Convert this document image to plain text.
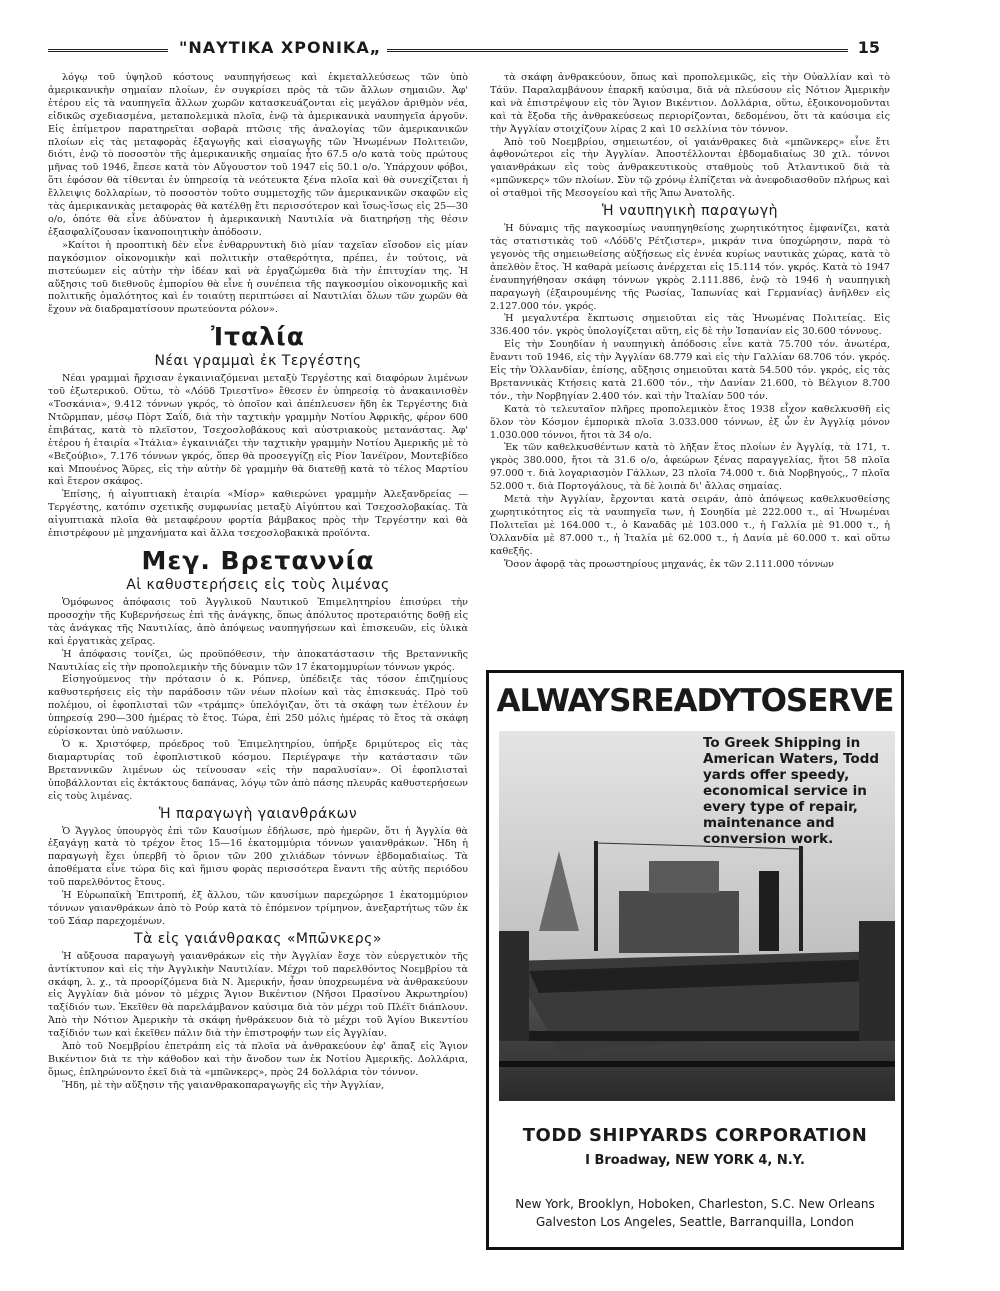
"ΝΑΥΤΙΚΑ ΧΡΟΝΙΚΑ„	15

λόγῳ τοῦ ὑψηλοῦ κόστους ναυπηγήσεως καὶ ἐκμεταλλεύσεως τῶν ὑπὸ ἀμερικανικὴν σημαίαν πλοίων, ἐν συγκρίσει πρὸς τὰ τῶν ἄλλων σημαιῶν. Ἀφ' ἑτέρου εἰς τὰ ναυπηγεῖα ἄλλων χωρῶν κατασκευάζονται εἰς μεγάλον ἀριθμὸν νέα, εἰδικῶς σχεδιασμένα, μεταπολεμικὰ πλοῖα, ἐνῷ τὰ ἀμερικανικὰ ναυπηγεῖα ἀργοῦν. Εἰς ἐπίμετρον παρατηρεῖται σοβαρὰ πτῶσις τῆς ἀναλογίας τῶν ἀμερικανικῶν πλοίων εἰς τὰς μεταφορὰς ἐξαγωγῆς καὶ εἰσαγωγῆς τῶν Ἡνωμένων Πολιτειῶν, διότι, ἐνῷ τὸ ποσοστὸν τῆς ἀμερικανικῆς σημαίας ἦτο 67.5 ο/ο κατὰ τοὺς πρώτους μῆνας τοῦ 1946, ἔπεσε κατὰ τὸν Αὔγουστον τοῦ 1947 εἰς 50.1 ο/ο. Ὑπάρχουν φόβοι, ὅτι ἐφόσον θὰ τίθενται ἐν ὑπηρεσίᾳ τὰ νεότευκτα ξένα πλοῖα καὶ θὰ συνεχίζεται ἡ ἔλλειψις δολλαρίων, τὸ ποσοστὸν τοῦτο συμμετοχῆς τῶν ἀμερικανικῶν σκαφῶν εἰς τὰς ἀμερικανικὰς μεταφορὰς θὰ κατέλθῃ ἔτι περισσότερον καὶ ἴσως-ἴσως εἰς 25—30 ο/ο, ὁπότε θὰ εἶνε ἀδύνατον ἡ ἀμερικανικὴ Ναυτιλία νὰ διατηρήσῃ τὴς θέσιν ἐξασφαλίζουσαν ἱκανοποιητικὴν ἀπόδοσιν.

»Καίτοι ἡ προοπτικὴ δὲν εἶνε ἐνθαρρυντικὴ διὸ μίαν ταχεῖαν εἴσοδον εἰς μίαν παγκόσμιον οἰκονομικὴν καὶ πολιτικὴν σταθερότητα, πρέπει, ἐν τούτοις, νὰ πιστεύωμεν εἰς αὐτὴν τὴν ἰδέαν καὶ νὰ ἐργαζώμεθα διὰ τὴν ἐπιτυχίαν της. Ἡ αὔξησις τοῦ διεθνοῦς ἐμπορίου θὰ εἶνε ἡ συνέπεια τῆς παγκοσμίου οἰκονομικῆς καὶ πολιτικῆς ὁμαλότητος καὶ ἐν τοιαύτῃ περιπτώσει αἱ Ναυτιλίαι ὅλων τῶν χωρῶν θὰ ἔχουν νὰ διαδραματίσουν πρωτεύοντα ρόλον».

Ἰταλία
Νέαι γραμμαὶ ἐκ Τεργέστης

Νέαι γραμμαὶ ἤρχισαν ἐγκαινιαζόμεναι μεταξὺ Τεργέστης καὶ διαφόρων λιμένων τοῦ ἐξωτερικοῦ. Οὕτω, τὸ «Λόϋδ Τριεστῖνο» ἔθεσεν ἐν ὑπηρεσίᾳ τὸ ἀνακαινισθὲν «Τοσκάνια», 9.412 τόννων γκρός, τὸ ὁποῖον καὶ ἀπέπλευσεν ἤδη ἐκ Τεργέστης διὰ Ντῶρμπαν, μέσῳ Πὸρτ Σαΐδ, διὰ τὴν ταχτικὴν γραμμὴν Νοτίου Ἀφρικῆς, φέρον 600 ἐπιβάτας, κατὰ τὸ πλεῖστον, Τσεχοσλοβάκους καὶ αὐστριακοὺς μετανάστας. Ἀφ' ἑτέρου ἡ ἑταιρία «Ἰτάλια» ἐγκαινιάζει τὴν ταχτικὴν γραμμὴν Νοτίου Ἀμερικῆς μὲ τὸ «Βεζούβιο», 7.176 τόννων γκρός, ὅπερ θὰ προσεγγίζῃ εἰς Ρίον Ἰανέϊρον, Μοντεβίδεο καὶ Μπουένος Ἄϋρες, εἰς τὴν αὐτὴν δὲ γραμμὴν θὰ διατεθῇ κατὰ τὸ τέλος Μαρτίου καὶ ἕτερον σκάφος.

Ἐπίσης, ἡ αἰγυπτιακὴ ἑταιρία «Μίσρ» καθιερώνει γραμμὴν Ἀλεξανδρείας — Τεργέστης, κατόπιν σχετικῆς συμφωνίας μεταξὺ Αἰγύπτου καὶ Τσεχοσλοβακίας. Τὰ αἰγυπτιακὰ πλοῖα θὰ μεταφέρουν φορτία βάμβακος πρὸς τὴν Τεργέστην καὶ θὰ ἐπιστρέφουν μὲ μηχανήματα καὶ ἄλλα τσεχοσλοβακικὰ προϊόντα.

Μεγ. Βρεταννία
Αἱ καθυστερήσεις εἰς τοὺς λιμένας

Ὁμόφωνος ἀπόφασις τοῦ Ἀγγλικοῦ Ναυτικοῦ Ἐπιμελητηρίου ἐπισύρει τὴν προσοχὴν τῆς Κυβερνήσεως ἐπὶ τῆς ἀνάγκης, ὅπως ἀπόλυτος προτεραιότης δοθῇ εἰς τὰς ἀνάγκας τῆς Ναυτιλίας, ἀπὸ ἀπόψεως ναυπηγήσεων καὶ ἐπισκευῶν, εἰς ὑλικὰ καὶ ἐργατικὰς χεῖρας.

Ἡ ἀπόφασις τονίζει, ὡς προϋπόθεσιν, τὴν ἀποκατάστασιν τῆς Βρεταννικῆς Ναυτιλίας εἰς τὴν προπολεμικὴν τῆς δύναμιν τῶν 17 ἑκατομμυρίων τόννων γκρός.

Εἰσηγούμενος τὴν πρότασιν ὁ κ. Ρόπνερ, ὑπέδειξε τὰς τόσον ἐπιζημίους καθυστερήσεις εἰς τὴν παράδοσιν τῶν νέων πλοίων καὶ τὰς ἐπισκευάς. Πρὸ τοῦ πολέμου, οἱ ἐφοπλισταὶ τῶν «τράμπς» ὑπελόγιζαν, ὅτι τὰ σκάφη των ἐτέλουν ἐν ὑπηρεσίᾳ 290—300 ἡμέρας τὸ ἔτος. Τώρα, ἐπὶ 250 μόλις ἡμέρας τὸ ἔτος τὰ σκάφη εὑρίσκονται ὑπὸ ναύλωσιν.

Ὁ κ. Χριστόφερ, πρόεδρος τοῦ Ἐπιμελητηρίου, ὑπήρξε δριμύτερος εἰς τὰς διαμαρτυρίας τοῦ ἐφοπλιστικοῦ κόσμου. Περιέγραψε τὴν κατάστασιν τῶν Βρεταννικῶν λιμένων ὡς τείνουσαν «εἰς τὴν παραλυσίαν». Οἱ ἐφοπλισταὶ ὑποβάλλονται εἰς ἐκτάκτους δαπάνας, λόγῳ τῶν ἀπὸ πάσης πλευρᾶς καθυστερήσεων εἰς τοὺς λιμένας.

Ἡ παραγωγὴ γαιανθράκων

Ὁ Ἄγγλος ὑπουργὸς ἐπὶ τῶν Καυσίμων ἐδήλωσε, πρὸ ἡμερῶν, ὅτι ἡ Ἀγγλία θὰ ἐξαγάγῃ κατὰ τὸ τρέχον ἔτος 15—16 ἑκατομμύρια τόννων γαιανθράκων. Ἤδη ἡ παραγωγὴ ἔχει ὑπερβῆ τὸ ὅριον τῶν 200 χιλιάδων τόννων ἑβδομαδιαίως. Τὰ ἀποθέματα εἶνε τώρα δὶς καὶ ἥμισυ φορὰς περισσότερα ἔναντι τῆς αὐτῆς περιόδου τοῦ παρελθόντος ἔτους.

Ἡ Εὐρωπαϊκὴ Ἐπιτροπή, ἐξ ἄλλου, τῶν καυσίμων παρεχώρησε 1 ἑκατομμύριον τόννων γαιανθράκων ἀπὸ τὸ Ρούρ κατὰ τὸ ἐπόμενον τρίμηνον, ἀνεξαρτήτως τῶν ἐκ τοῦ Σάαρ παρεχομένων.

Τὰ εἰς γαιάνθρακας «Μπῶνκερς»

Ἡ αὔξουσα παραγωγὴ γαιανθράκων εἰς τὴν Ἀγγλίαν ἔσχε τὸν εὐεργετικὸν τῆς ἀντίκτυπον καὶ εἰς τὴν Ἀγγλικὴν Ναυτιλίαν. Μέχρι τοῦ παρελθόντος Νοεμβρίου τὰ σκάφη, λ. χ., τὰ προορίζόμενα διὰ Ν. Ἀμερικήν, ἦσαν ὑποχρεωμένα νὰ ἀνθρακεύουν εἰς Ἀγγλίαν διὰ μόνον τὸ μέχρις Ἅγιον Βικέντιον (Νῆσοι Πρασίνου Ἀκρωτηρίου) ταξίδιόν των. Ἐκεῖθεν θὰ παρελάμβανον καύσιμα διὰ τὸν μέχρι τοῦ Πλέϊτ διάπλουν. Ἀπὸ τὴν Νότιον Ἀμερικὴν τὰ σκάφη ἠνθράκευον διὰ τὸ μέχρι τοῦ Ἁγίου Βικεντίου ταξίδιόν των καὶ ἐκεῖθεν πάλιν διὰ τὴν ἐπιστροφήν των εἰς Ἀγγλίαν.

Ἀπὸ τοῦ Νοεμβρίου ἐπετράπη εἰς τὰ πλοῖα νὰ ἀνθρακεύουν ἐφ' ἅπαξ εἰς Ἅγιον Βικέντιον διὰ τε τὴν κάθοδον καὶ τὴν ἄνοδον των ἐκ Νοτίου Ἀμερικῆς. Δολλάρια, ὅμως, ἐπληρώνοντο ἐκεῖ διὰ τὰ «μπῶνκερς», πρὸς 24 δολλάρια τὸν τόννον.

Ἤδη, μὲ τὴν αὔξησιν τῆς γαιανθρακοπαραγωγῆς εἰς τὴν Ἀγγλίαν,

τὰ σκάφη ἀνθρακεύουν, ὅπως καὶ προπολεμικῶς, εἰς τὴν Οὐαλλίαν καὶ τὸ Τάϋν. Παραλαμβάνουν ἐπαρκῆ καύσιμα, διὰ νὰ πλεύσουν εἰς Νότιον Ἀμερικὴν καὶ νὰ ἐπιστρέψουν εἰς τὸν Ἅγιον Βικέντιον. Δολλάρια, οὕτω, ἐξοικονομοῦνται καὶ τὰ ἔξοδα τῆς ἀνθρακεύσεως περιορίζονται, δεδομένου, ὅτι τὰ καύσιμα εἰς τὴν Ἀγγλίαν στοιχίζουν λίρας 2 καὶ 10 σελλίνια τὸν τόννον.

Ἀπὸ τοῦ Νοεμβρίου, σημειωτέον, οἱ γαιάνθρακες διὰ «μπῶνκερς» εἶνε ἔτι ἀφθονώτεροι εἰς τὴν Ἀγγλίαν. Ἀποστέλλονται ἑβδομαδιαίως 30 χιλ. τόννοι γαιανθράκων εἰς τοὺς ἀνθρακευτικοὺς σταθμοὺς τοῦ Ἀτλαντικοῦ διὰ τὰ «μπῶνκερς» τῶν πλοίων. Σὺν τῷ χρόνῳ ἐλπίζεται νὰ ἀνεφοδιασθοῦν πλήρως καὶ οἱ σταθμοὶ τῆς Μεσογείου καὶ τῆς Ἄπω Ἀνατολῆς.

Ἡ ναυπηγικὴ παραγωγὴ

Ἡ δύναμις τῆς παγκοσμίως ναυπηγηθείσης χωρητικότητος ἐμφανίζει, κατὰ τὰς στατιστικὰς τοῦ «Λόϋδ'ς Ρέτζιστερ», μικράν τινα ὑποχώρησιν, παρὰ τὸ γεγονὸς τῆς σημειωθείσης αὐξήσεως εἰς ἐννέα κυρίως ναυτικὰς χώρας, κατὰ τὸ ἀπελθὸν ἔτος. Ἡ καθαρὰ μείωσις ἀνέρχεται εἰς 15.114 τόν. γκρός. Κατὰ τὸ 1947 ἐναυπηγήθησαν σκάφη τόννων γκρὸς 2.111.886, ἐνῷ τὸ 1946 ἡ ναυπηγικὴ παραγωγὴ (ἐξαιρουμένης τῆς Ρωσίας, Ἰαπωνίας καὶ Γερμανίας) ἀνῆλθεν εἰς 2.127.000 τόν. γκρός.

Ἡ μεγαλυτέρα ἔκπτωσις σημειοῦται εἰς τὰς Ἡνωμένας Πολιτείας. Εἰς 336.400 τόν. γκρὸς ὑπολογίζεται αὕτη, εἰς δὲ τὴν Ἱσπανίαν εἰς 30.600 τόννους.

Εἰς τὴν Σουηδίαν ἡ ναυπηγικὴ ἀπόδοσις εἶνε κατὰ 75.700 τόν. ἀνωτέρα, ἔναντι τοῦ 1946, εἰς τὴν Ἀγγλίαν 68.779 καὶ εἰς τὴν Γαλλίαν 68.706 τόν. γκρός. Εἰς τὴν Ὁλλανδίαν, ἐπίσης, αὔξησις σημειοῦται κατὰ 54.500 τόν. γκρός, εἰς τὰς Βρεταννικὰς Κτήσεις κατὰ 21.600 τόν., τὴν Δανίαν 21.600, τὸ Βέλγιον 8.700 τόν., τὴν Νορβηγίαν 2.400 τόν. καὶ τὴν Ἰταλίαν 500 τόν.

Κατὰ τὸ τελευταῖον πλῆρες προπολεμικὸν ἔτος 1938 εἶχον καθελκυσθῆ εἰς ὅλον τὸν Κόσμον ἐμπορικὰ πλοῖα 3.033.000 τόννων, ἐξ ὧν ἐν Ἀγγλίᾳ μόνον 1.030.000 τόννοι, ἤτοι τὰ 34 ο/ο.

Ἐκ τῶν καθελκυσθέντων κατὰ τὸ λῆξαν ἔτος πλοίων ἐν Ἀγγλίᾳ, τὰ 171, τ. γκρὸς 380.000, ἤτοι τὰ 31.6 ο/ο, ἀφεώρων ξένας παραγγελίας, ἤτοι 58 πλοῖα 97.000 τ. διὰ λογαριασμὸν Γάλλων, 23 πλοῖα 74.000 τ. διὰ Νορβηγούς,, 7 πλοῖα 52.000 τ. διὰ Πορτογάλους, τὰ δὲ λοιπὰ δι' ἄλλας σημαίας.

Μετὰ τὴν Ἀγγλίαν, ἔρχονται κατὰ σειράν, ἀπὸ ἀπόψεως καθελκυσθείσης χωρητικότητος εἰς τὰ ναυπηγεῖα των, ἡ Σουηδία μὲ 222.000 τ., αἱ Ἡνωμέναι Πολιτεῖαι μὲ 164.000 τ., ὁ Καναδᾶς μὲ 103.000 τ., ἡ Γαλλία μὲ 91.000 τ., ἡ Ὁλλανδία μὲ 87.000 τ., ἡ Ἰταλία μὲ 62.000 τ., ἡ Δανία μὲ 60.000 τ. καὶ οὕτω καθεξῆς.

Ὅσον ἀφορᾷ τὰς προωστηρίους μηχανάς, ἐκ τῶν 2.111.000 τόννων

ALWAYSREADYTOSERVE
To Greek Shipping in American Waters, Todd yards offer speedy, economical service in every type of repair, maintenance and conversion work.
TODD SHIPYARDS CORPORATION
I Broadway, NEW YORK 4, N.Y.
New York, Brooklyn, Hoboken, Charleston, S.C. New Orleans
Galveston Los Angeles, Seattle, Barranquilla, London
